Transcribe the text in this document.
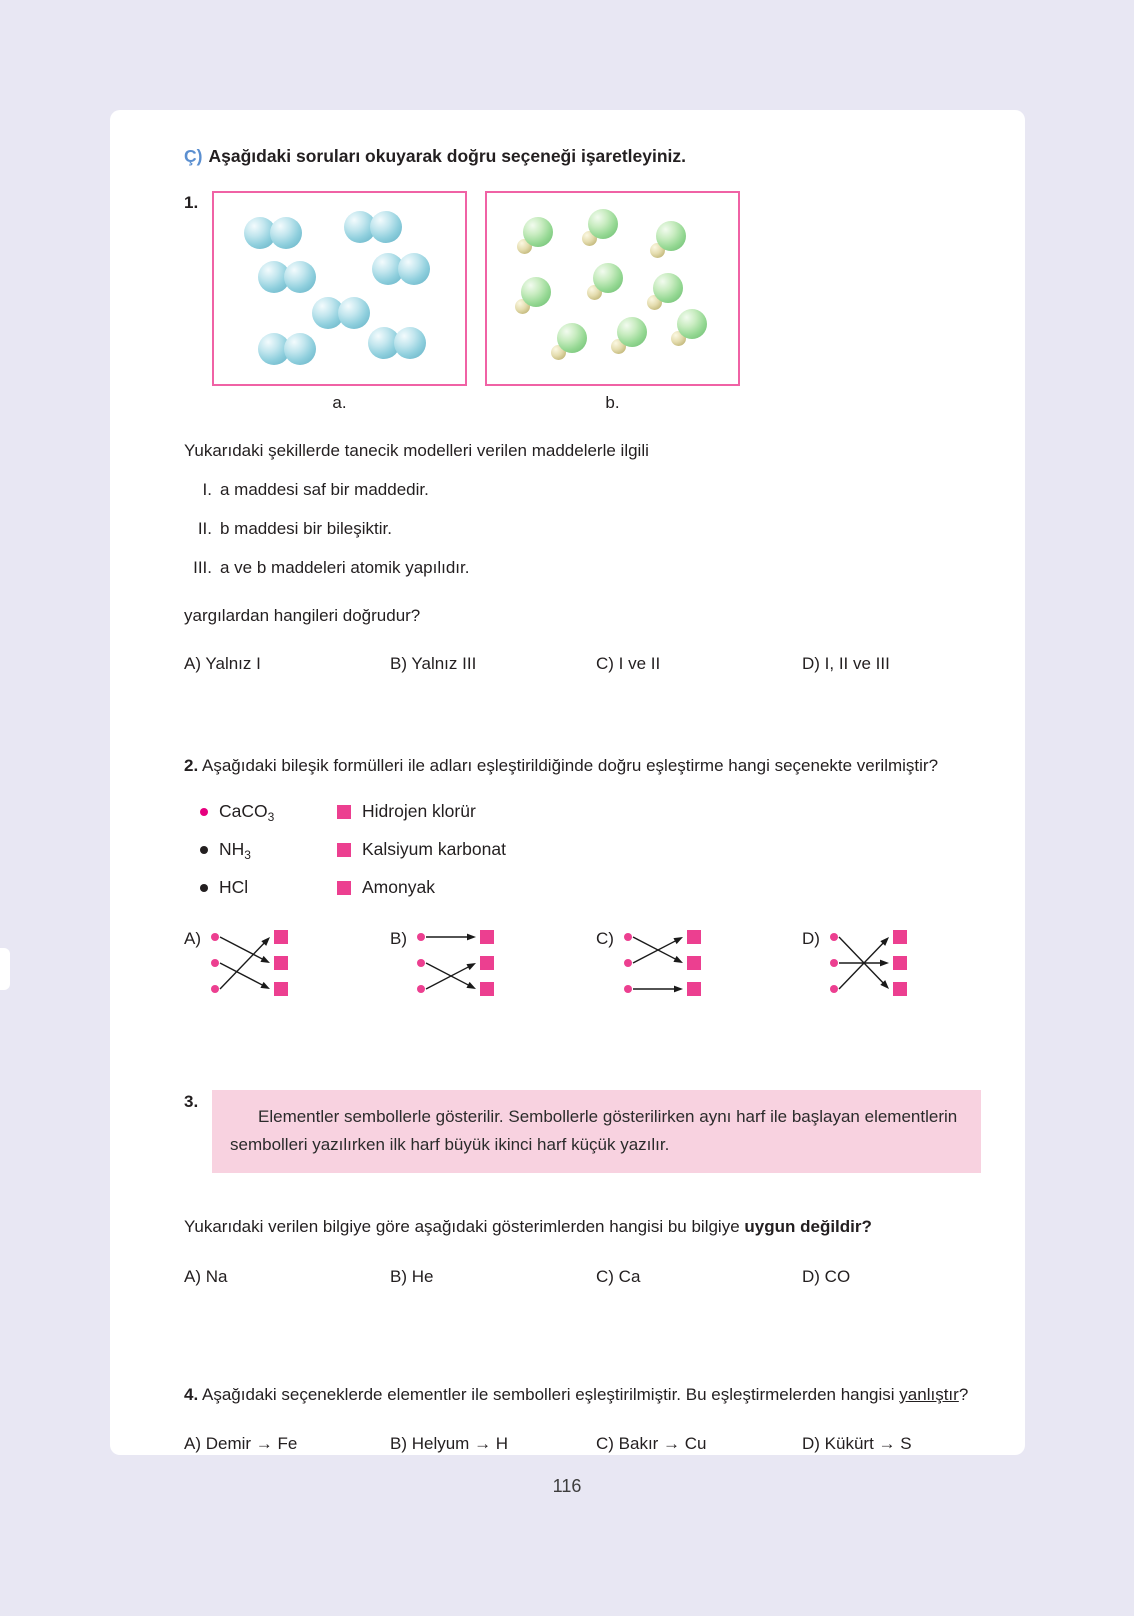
Ç) Aşağıdaki soruları okuyarak doğru seçeneği işaretleyiniz.
1.
a.	b.

Yukarıdaki şekillerde tanecik modelleri verilen maddelerle ilgili

I. a maddesi saf bir maddedir.
II. b maddesi bir bileşiktir.
III. a ve b maddeleri atomik yapılıdır.

yargılardan hangileri doğrudur?

A) Yalnız I	B) Yalnız III	C) I ve II	D) I, II ve III

2. Aşağıdaki bileşik formülleri ile adları eşleştirildiğinde doğru eşleştirme hangi seçenekte verilmiştir?

CaCO$_3$	Hidrojen klorür
$NH_3$	Kalsiyum karbonat
HCl	Amonyak
A)	B)	C)	D)
3.
Elementler sembollerle gösterilir. Sembollerle gösterilirken aynı harf ile başlayan elementlerin sembolleri yazılırken ilk harf büyük ikinci harf küçük yazılır.

Yukarıdaki verilen bilgiye göre aşağıdaki gösterimlerden hangisi bu bilgiye uygun değildir?

A) Na	B) He	C) Ca	D) CO

4. Aşağıdaki seçeneklerde elementler ile sembolleri eşleştirilmiştir. Bu eşleştirmelerden hangisi yanlıştır?

A) Demir → Fe	B) Helyum → H	C) Bakır → Cu	D) Kükürt → S
116
